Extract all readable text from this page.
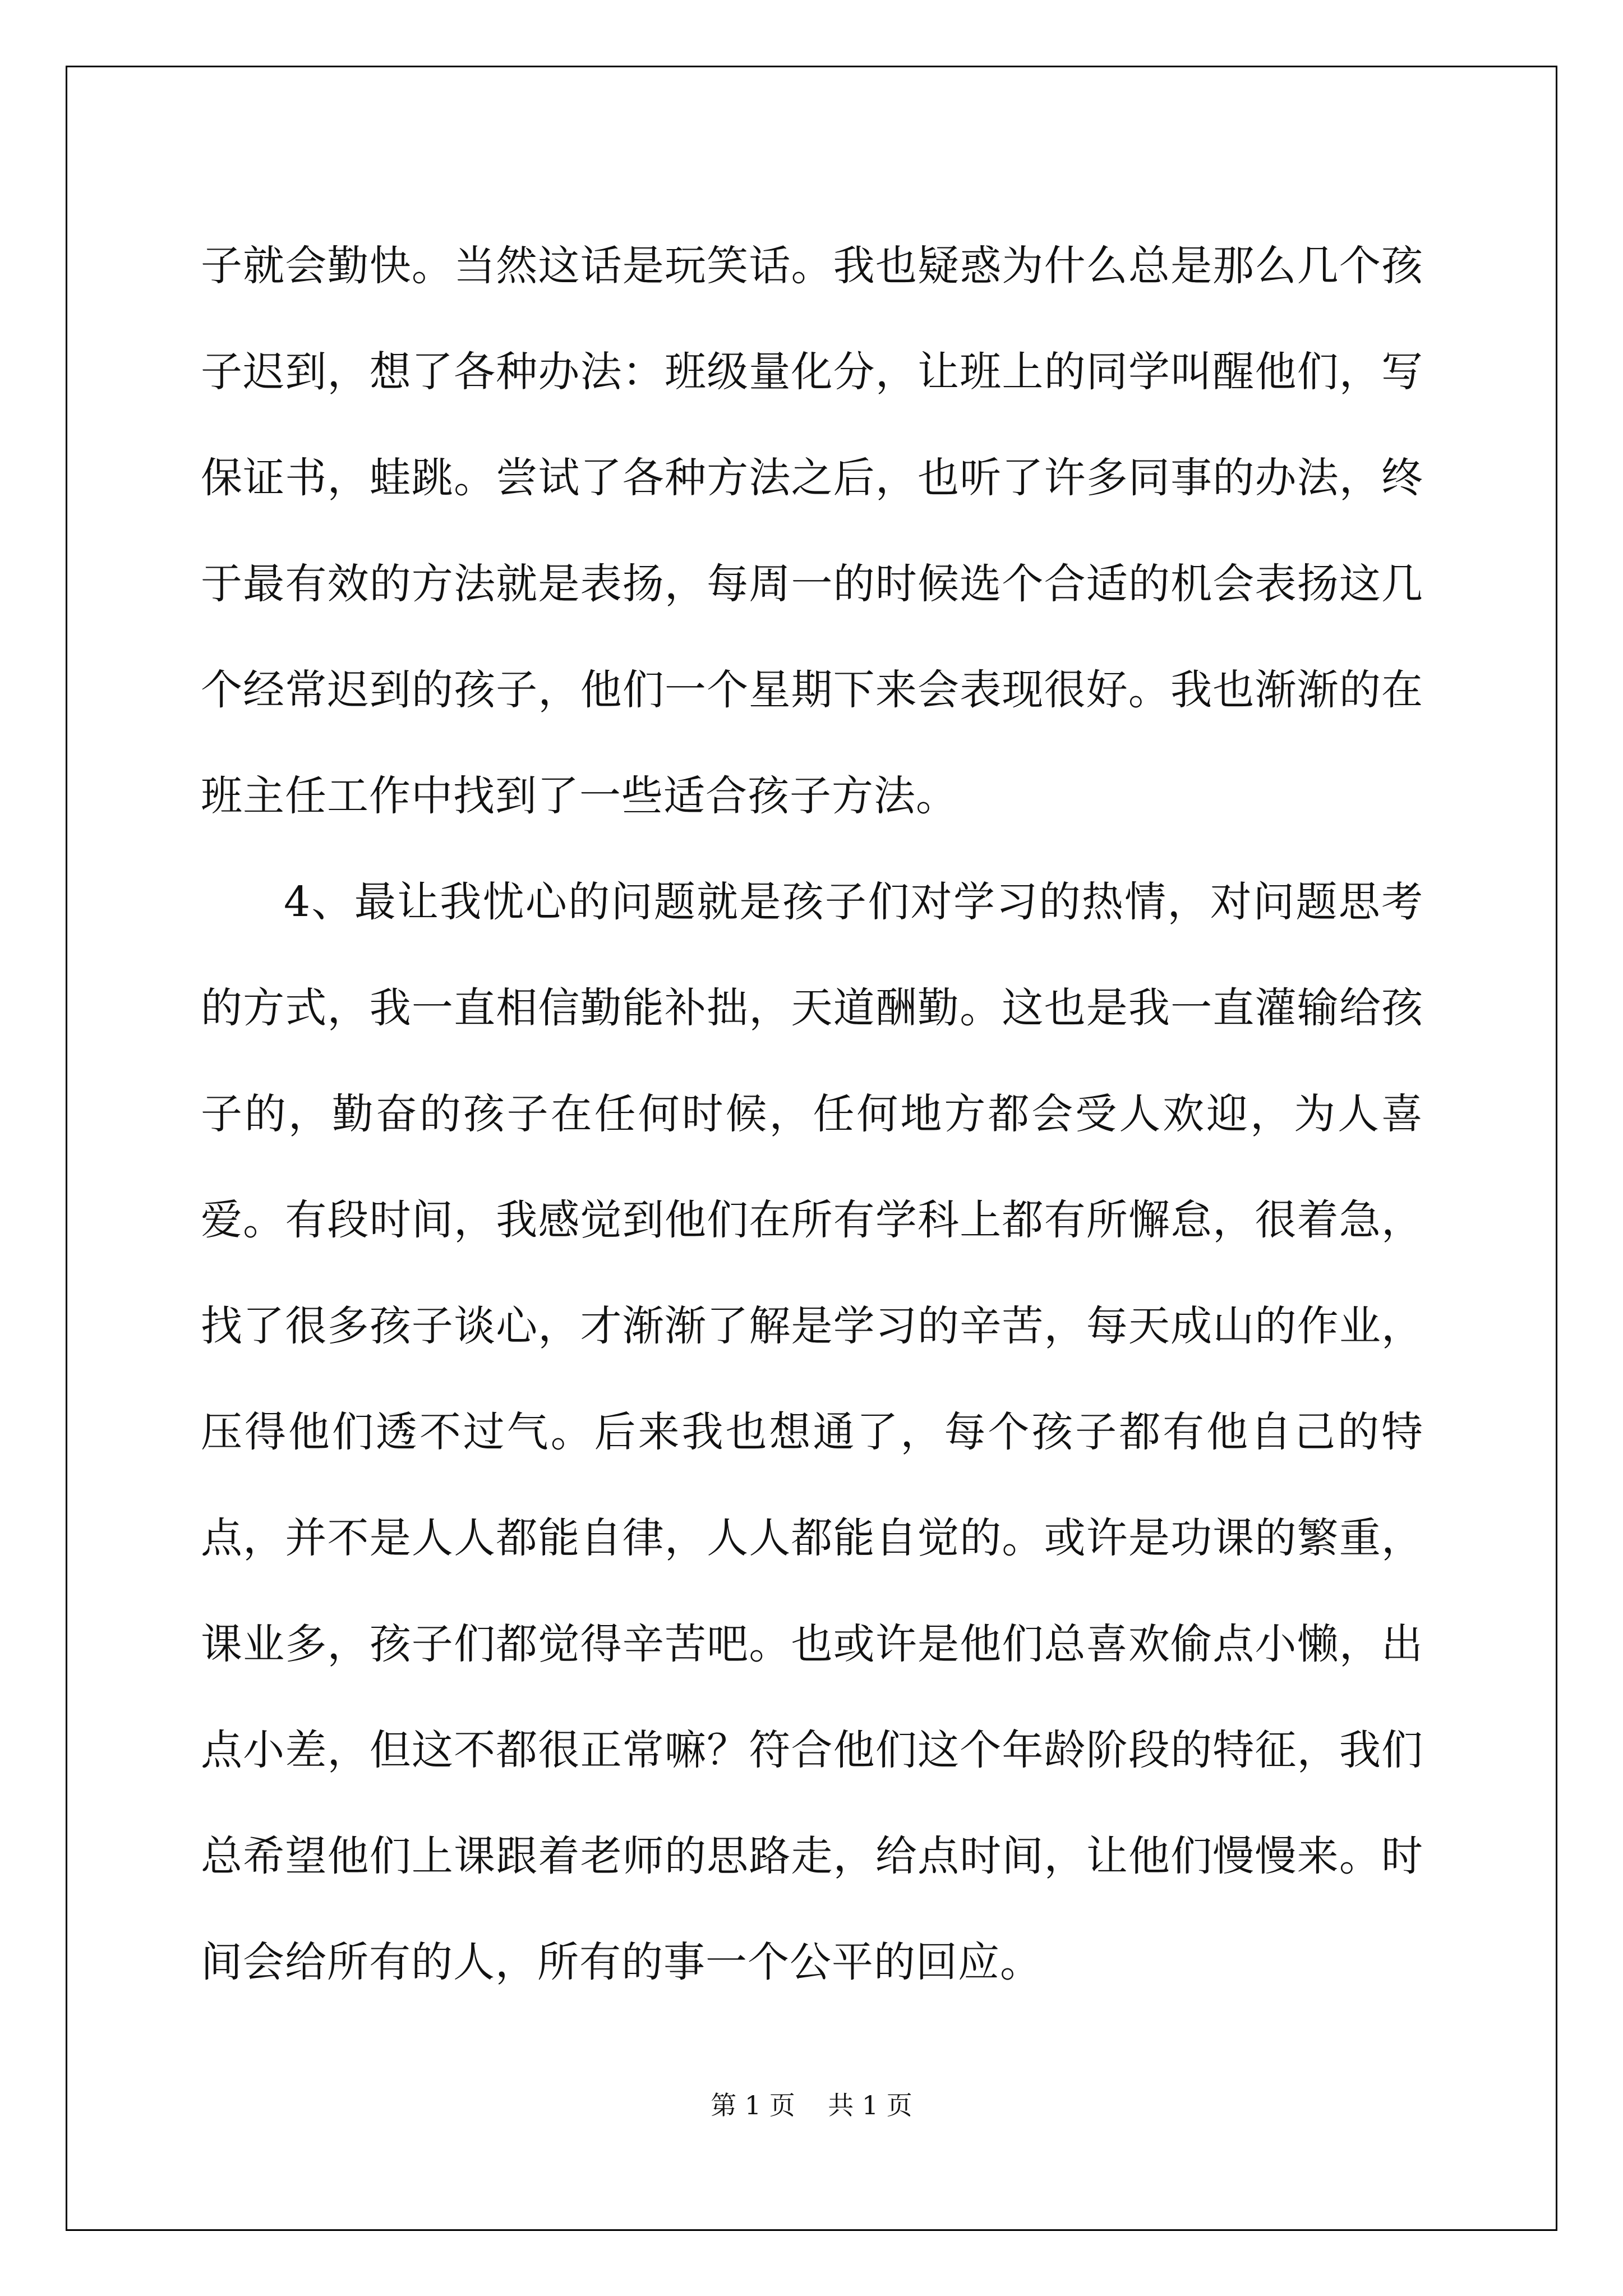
子就会勤快。当然这话是玩笑话。我也疑惑为什么总是那么几个孩子迟到，想了各种办法：班级量化分，让班上的同学叫醒他们，写保证书，蛙跳。尝试了各种方法之后，也听了许多同事的办法，终于最有效的方法就是表扬，每周一的时候选个合适的机会表扬这几个经常迟到的孩子，他们一个星期下来会表现很好。我也渐渐的在班主任工作中找到了一些适合孩子方法。

4、最让我忧心的问题就是孩子们对学习的热情，对问题思考的方式，我一直相信勤能补拙，天道酬勤。这也是我一直灌输给孩子的，勤奋的孩子在任何时候，任何地方都会受人欢迎，为人喜爱。有段时间，我感觉到他们在所有学科上都有所懈怠，很着急，找了很多孩子谈心，才渐渐了解是学习的辛苦，每天成山的作业，压得他们透不过气。后来我也想通了，每个孩子都有他自己的特点，并不是人人都能自律，人人都能自觉的。或许是功课的繁重，课业多，孩子们都觉得辛苦吧。也或许是他们总喜欢偷点小懒，出点小差，但这不都很正常嘛？符合他们这个年龄阶段的特征，我们总希望他们上课跟着老师的思路走，给点时间，让他们慢慢来。时间会给所有的人，所有的事一个公平的回应。

第 1 页    共 1 页
